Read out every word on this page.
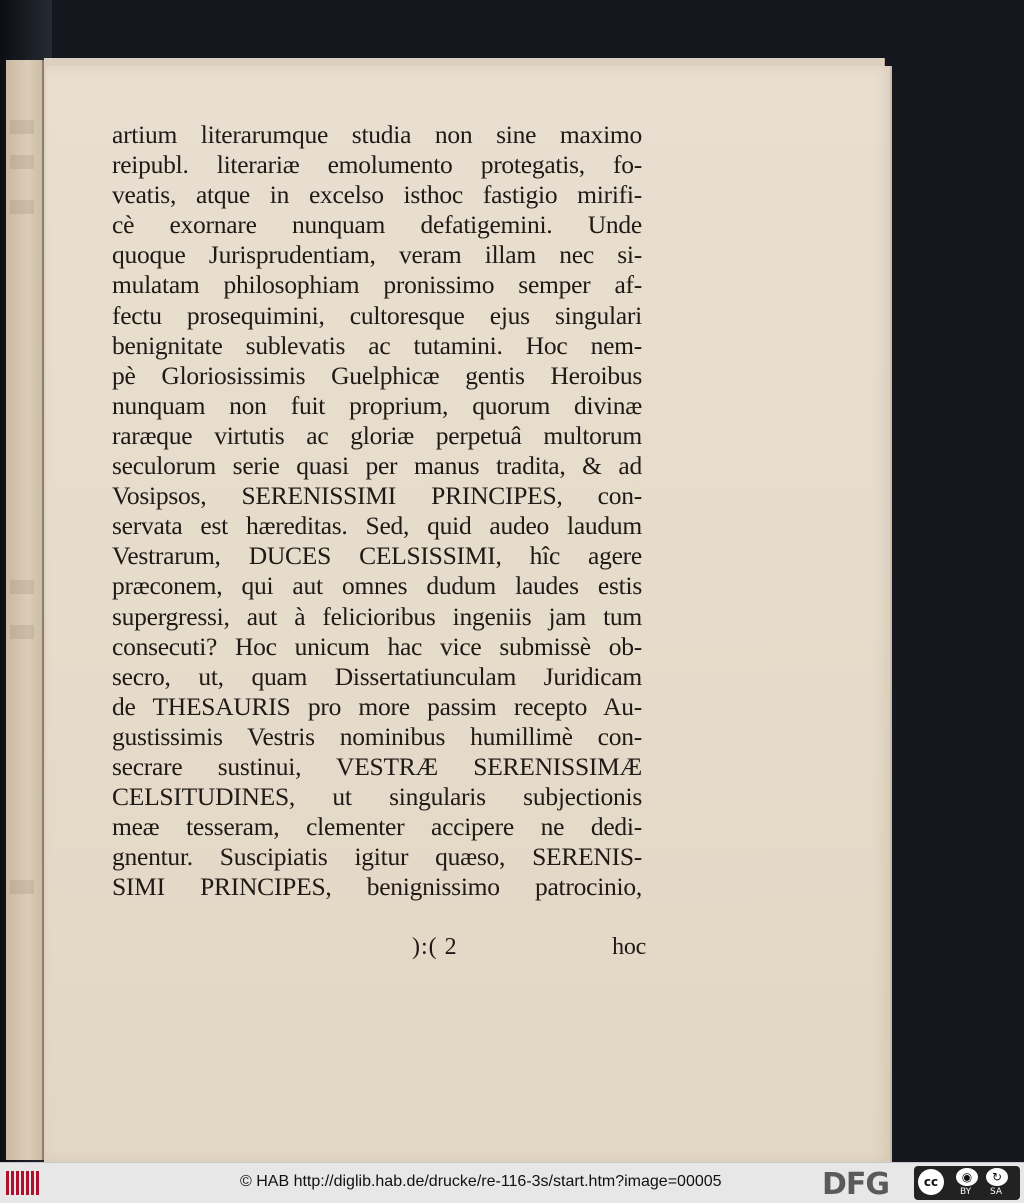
artium literarumque studia non sine maximo
reipubl. literariæ emolumento protegatis, fo-
veatis, atque in excelso isthoc fastigio mirifi-
cè exornare nunquam defatigemini. Unde
quoque Jurisprudentiam, veram illam nec si-
mulatam philosophiam pronissimo semper af-
fectu prosequimini, cultoresque ejus singulari
benignitate sublevatis ac tutamini. Hoc nem-
pè Gloriosissimis Guelphicæ gentis Heroibus
nunquam non fuit proprium, quorum divinæ
raræque virtutis ac gloriæ perpetuâ multorum
seculorum serie quasi per manus tradita, & ad
Vosipsos, SERENISSIMI PRINCIPES, con-
servata est hæreditas. Sed, quid audeo laudum
Vestrarum, DUCES CELSISSIMI, hîc agere
præconem, qui aut omnes dudum laudes estis
supergressi, aut à felicioribus ingeniis jam tum
consecuti? Hoc unicum hac vice submissè ob-
secro, ut, quam Dissertatiunculam Juridicam
de THESAURIS pro more passim recepto Au-
gustissimis Vestris nominibus humillimè con-
secrare sustinui, VESTRÆ SERENISSIMÆ
CELSITUDINES, ut singularis subjectionis
meæ tesseram, clementer accipere ne dedi-
gnentur. Suscipiatis igitur quæso, SERENIS-
SIMI PRINCIPES, benignissimo patrocinio,
):( 2	hoc
© HAB http://diglib.hab.de/drucke/re-116-3s/start.htm?image=00005	DFG	cc	◉	↻
BY SA
